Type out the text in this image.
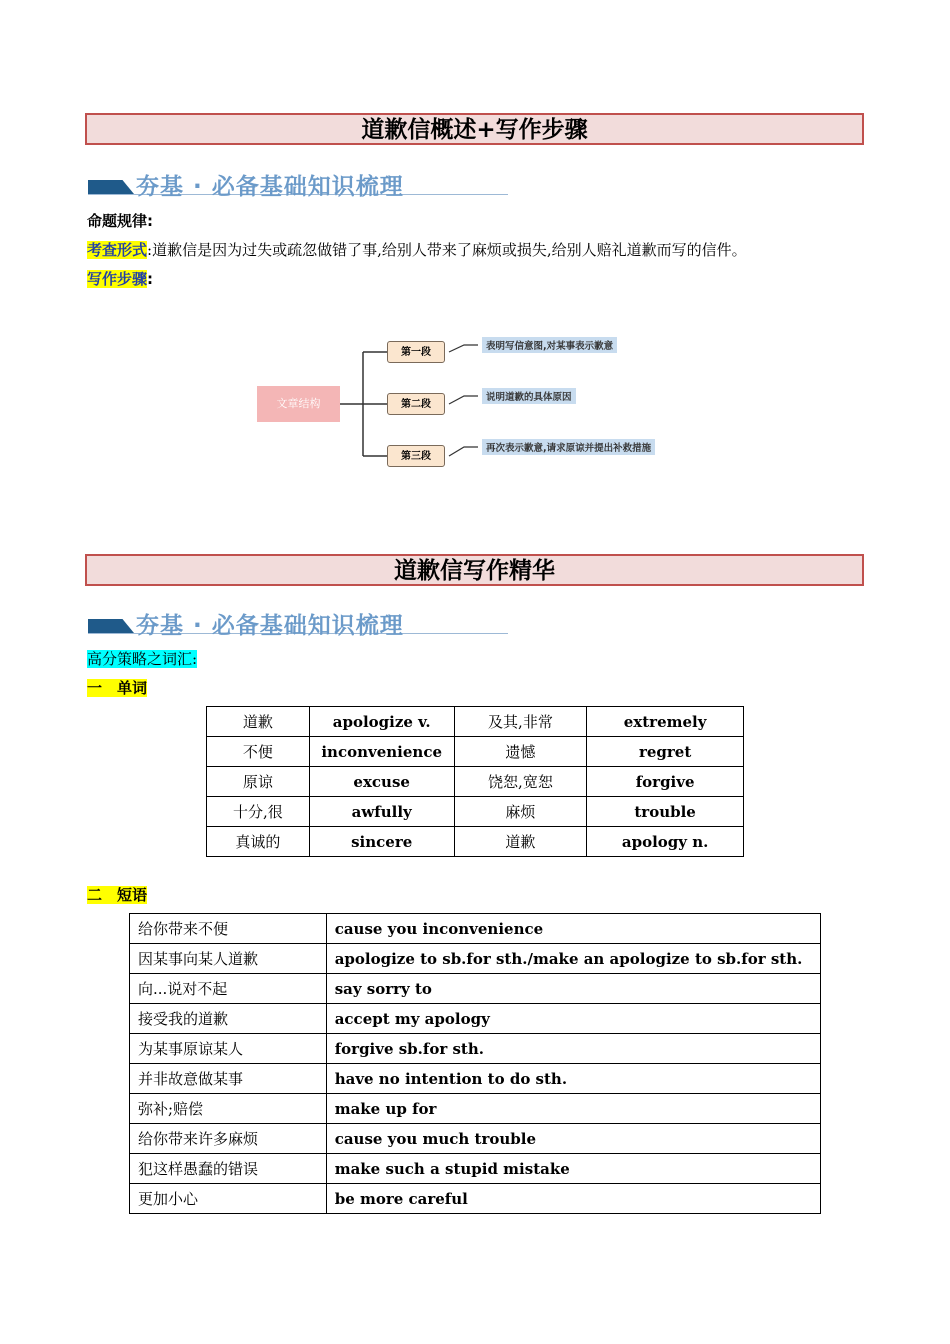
道歉信概述+写作步骤
夯基 · 必备基础知识梳理
命题规律:
考查形式:道歉信是因为过失或疏忽做错了事,给别人带来了麻烦或损失,给别人赔礼道歉而写的信件。
写作步骤:
文章结构
第一段
第二段
第三段
表明写信意图,对某事表示歉意
说明道歉的具体原因
再次表示歉意,请求原谅并提出补救措施
道歉信写作精华
夯基 · 必备基础知识梳理
高分策略之词汇:
一　单词
道歉	apologize v.	及其,非常	extremely
不便	inconvenience	遗憾	regret
原谅	excuse	饶恕,宽恕	forgive
十分,很	awfully	麻烦	trouble
真诚的	sincere	道歉	apology n.
二　短语
给你带来不便	cause you inconvenience
因某事向某人道歉	apologize to sb.for sth./make an apologize to sb.for sth.
向...说对不起	say sorry to
接受我的道歉	accept my apology
为某事原谅某人	forgive sb.for sth.
并非故意做某事	have no intention to do sth.
弥补;赔偿	make up for
给你带来许多麻烦	cause you much trouble
犯这样愚蠢的错误	make such a stupid mistake
更加小心	be more careful
